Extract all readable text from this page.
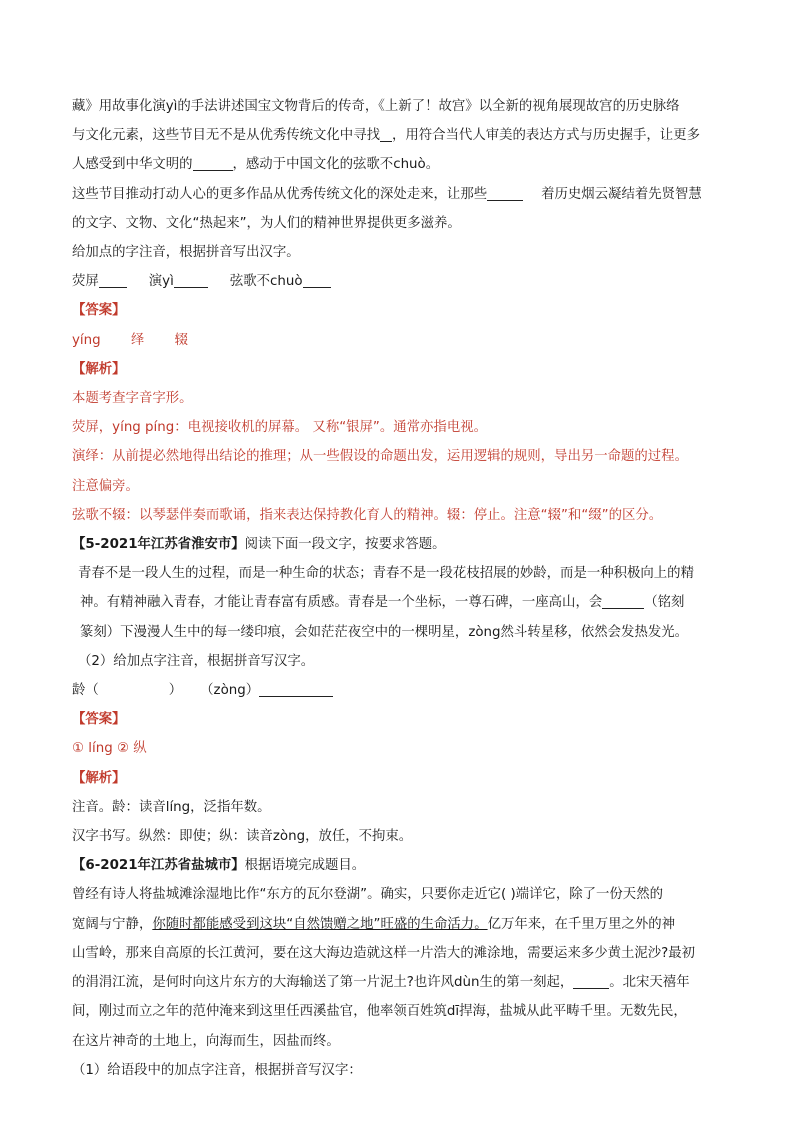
藏》用故事化演yì的手法讲述国宝文物背后的传奇，《上新了！故宫》以全新的视角展现故宫的历史脉络

与文化元素，这些节目无不是从优秀传统文化中寻找 ，用符合当代人审美的表达方式与历史握手，让更多

人感受到中华文明的	，感动于中国文化的弦歌不chuò。

这些节目推动打动人心的更多作品从优秀传统文化的深处走来，让那些	着历史烟云凝结着先贤智慧

的文字、文物、文化“热起来”，为人们的精神世界提供更多滋养。

给加点的字注音，根据拼音写出汉字。

荧屏	演yì	弦歌不chuò

【答案】

yíng 绎 辍

【解析】

本题考查字音字形。

荧屏，yíng píng：电视接收机的屏幕。 又称“银屏”。通常亦指电视。

演绎：从前提必然地得出结论的推理；从一些假设的命题出发，运用逻辑的规则，导出另一命题的过程。

注意偏旁。

弦歌不辍：以琴瑟伴奏而歌诵，指来表达保持教化育人的精神。辍：停止。注意“辍”和“缀”的区分。

【5-2021年江苏省淮安市】阅读下面一段文字，按要求答题。

青春不是一段人生的过程，而是一种生命的状态；青春不是一段花枝招展的妙龄，而是一种积极向上的精

神。有精神融入青春，才能让青春富有质感。青春是一个坐标，一尊石碑，一座高山，会	（铭刻

篆刻）下漫漫人生中的每一缕印痕，会如茫茫夜空中的一棵明星，zòng然斗转星移，依然会发热发光。

（2）给加点字注音，根据拼音写汉字。

龄（	） （zòng）

【答案】

① líng ② 纵

【解析】

注音。龄：读音líng，泛指年数。

汉字书写。纵然：即使；纵：读音zòng，放任，不拘束。

【6-2021年江苏省盐城市】根据语境完成题目。

曾经有诗人将盐城滩涂湿地比作“东方的瓦尔登湖”。确实，只要你走近它( )端详它，除了一份天然的

宽阔与宁静，你随时都能感受到这块“自然馈赠之地”旺盛的生命活力。亿万年来，在千里万里之外的神

山雪岭，那来自高原的长江黄河，要在这大海边造就这样一片浩大的滩涂地，需要运来多少黄土泥沙?最初

的涓涓江流，是何时向这片东方的大海输送了第一片泥土?也许风dùn生的第一刻起，	。北宋天禧年

间，刚过而立之年的范仲淹来到这里任西溪盐官，他率领百姓筑dī捍海，盐城从此平畴千里。无数先民，

在这片神奇的土地上，向海而生，因盐而终。

（1）给语段中的加点字注音，根据拼音写汉字：
